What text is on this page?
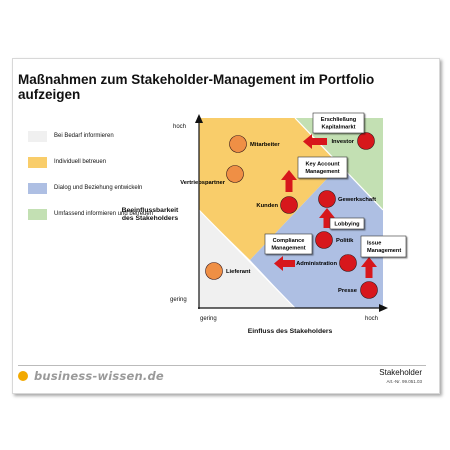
Maßnahmen zum Stakeholder-Management im Portfolio
aufzeigen
Bei Bedarf informieren
Individuell betreuen
Dialog und Beziehung entwickeln
Umfassend informieren und betreuen
hoch
gering
gering	hoch
Beeinflussbarkeit
des Stakeholders
Einfluss des Stakeholders
Mitarbeiter
Vertriebspartner
Lieferant
Kunden
Investor
Gewerkschaft
Politik
Administration
Presse
Erschließung
Kapitalmarkt
Key Account
Management
Lobbying
Compliance
Management
Issue
Management
business-wissen.de	Stakeholder
Art.-Nr. 99.051.03
